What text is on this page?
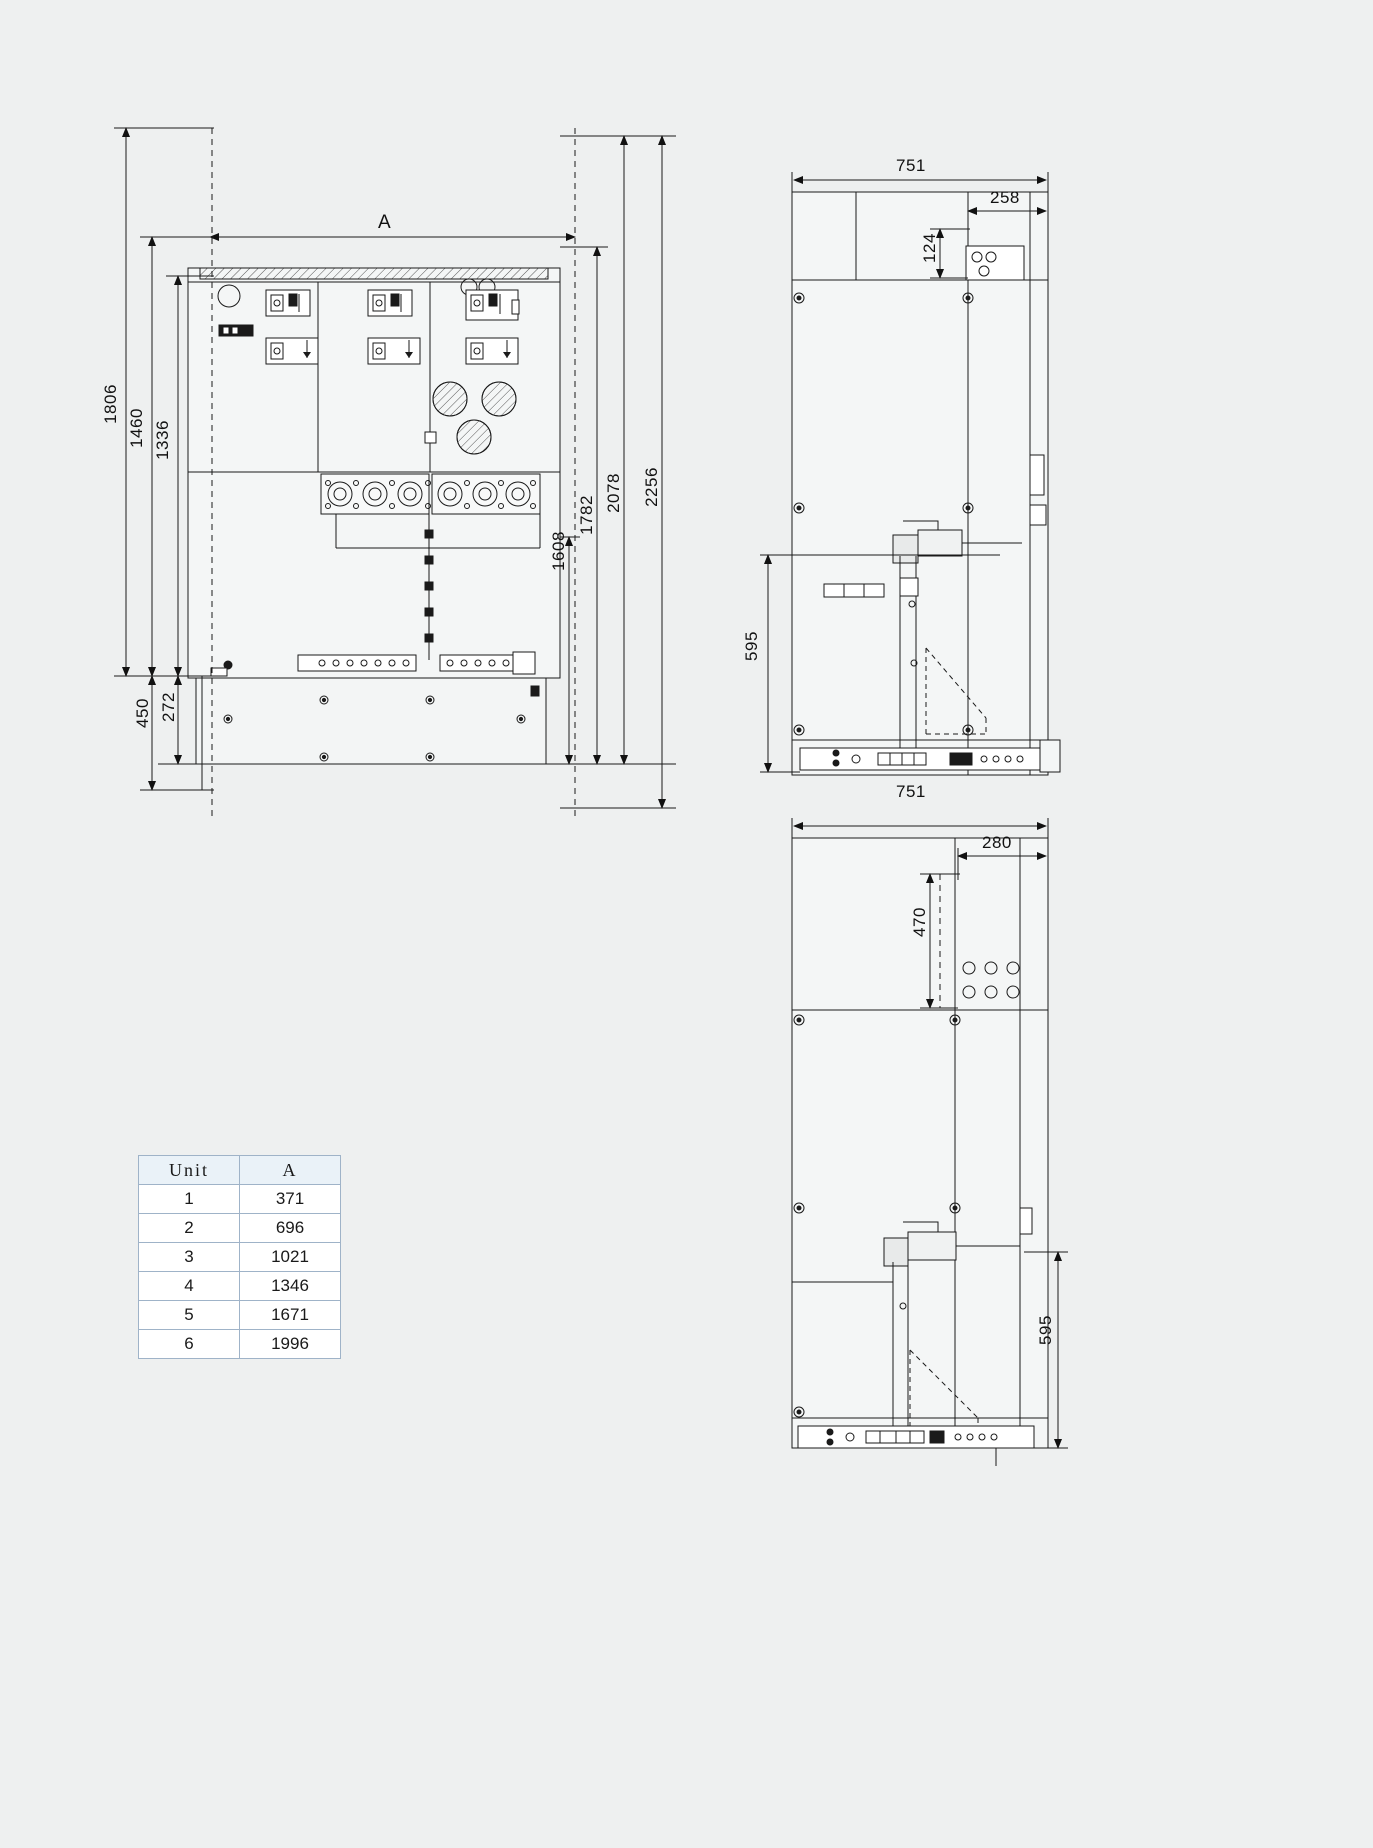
1806
1460 1336
450 272
1608
1782
2078 2256
A
751
258
124
595
751
280
470
595
Unit	A
1	371
2	696
3	1021
4	1346
5	1671
6	1996
